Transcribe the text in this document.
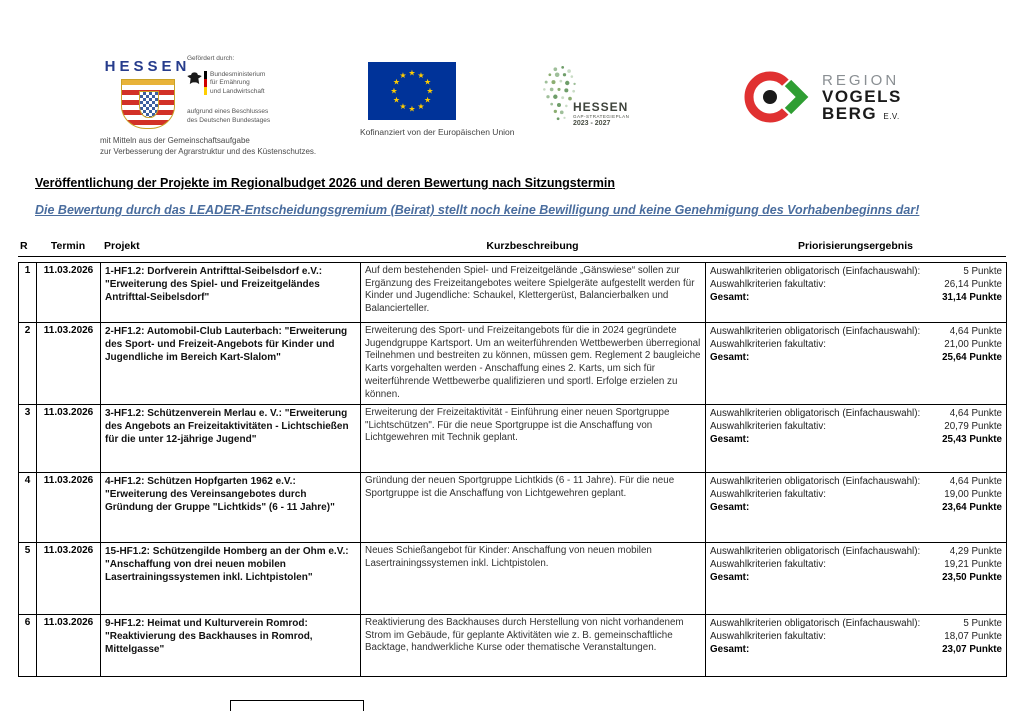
HESSEN
mit Mitteln aus der Gemeinschaftsaufgabe
zur Verbesserung der Agrarstruktur und des Küstenschutzes.
Gefördert durch:
Bundesministerium
für Ernährung
und Landwirtschaft
aufgrund eines Beschlusses
des Deutschen Bundestages
★ ★
★
★
★
★
★
★
★
★
★
★
Kofinanziert von der Europäischen Union
HESSEN
GAP-STRATEGIEPLAN
2023 - 2027
REGION
VOGELS
BERG E.V.
Veröffentlichung der Projekte im Regionalbudget 2026 und deren Bewertung nach Sitzungstermin
Die Bewertung durch das LEADER-Entscheidungsgremium (Beirat) stellt noch keine Bewilligung und keine Genehmigung des Vorhabenbeginns dar!
R	Termin	Projekt	Kurzbeschreibung	Priorisierungsergebnis
1	11.03.2026	1-HF1.2: Dorfverein Antrifttal-Seibelsdorf e.V.: "Erweiterung des Spiel- und Freizeitgeländes Antrifttal-Seibelsdorf"	Auf dem bestehenden Spiel- und Freizeitgelände „Gänswiese“ sollen zur Ergänzung des Freizeitangebotes weitere Spielgeräte aufgestellt werden für Kinder und Jugendliche: Schaukel, Klettergerüst, Balancierbalken und Balancierteller.	
Auswahlkriterien obligatorisch (Einfachauswahl):	5 Punkte
Auswahlkriterien fakultativ:	26,14 Punkte
Gesamt:	31,14 Punkte

2	11.03.2026	2-HF1.2: Automobil-Club Lauterbach: "Erweiterung des Sport- und Freizeit-Angebots für Kinder und Jugendliche im Bereich Kart-Slalom"	Erweiterung des Sport- und Freizeitangebots für die in 2024 gegründete Jugendgruppe Kartsport. Um an weiterführenden Wettbewerben überregional Teilnehmen und bestreiten zu können, müssen gem. Reglement 2 baugleiche Karts vorgehalten werden - Anschaffung eines 2. Karts, um sich für weiterführende Wettbewerbe qualifizieren und sportl. Erfolge erzielen zu können.	
Auswahlkriterien obligatorisch (Einfachauswahl):	4,64 Punkte
Auswahlkriterien fakultativ:	21,00 Punkte
Gesamt:	25,64 Punkte

3	11.03.2026	3-HF1.2: Schützenverein Merlau e. V.: "Erweiterung des Angebots an Freizeitaktivitäten - Lichtschießen für die unter 12-jährige Jugend"	Erweiterung der Freizeitaktivität - Einführung einer neuen Sportgruppe "Lichtschützen". Für die neue Sportgruppe ist die Anschaffung von Lichtgewehren mit Technik geplant.	
Auswahlkriterien obligatorisch (Einfachauswahl):	4,64 Punkte
Auswahlkriterien fakultativ:	20,79 Punkte
Gesamt:	25,43 Punkte

4	11.03.2026	4-HF1.2: Schützen Hopfgarten 1962 e.V.: "Erweiterung des Vereinsangebotes durch Gründung der Gruppe "Lichtkids" (6 - 11 Jahre)"	Gründung der neuen Sportgruppe Lichtkids (6 - 11 Jahre). Für die neue Sportgruppe ist die Anschaffung von Lichtgewehren geplant.	
Auswahlkriterien obligatorisch (Einfachauswahl):	4,64 Punkte
Auswahlkriterien fakultativ:	19,00 Punkte
Gesamt:	23,64 Punkte

5	11.03.2026	15-HF1.2: Schützengilde Homberg an der Ohm e.V.: "Anschaffung von drei neuen mobilen Lasertrainingssystemen inkl. Lichtpistolen"	Neues Schießangebot für Kinder: Anschaffung von neuen mobilen Lasertrainingssystemen inkl. Lichtpistolen.	
Auswahlkriterien obligatorisch (Einfachauswahl):	4,29 Punkte
Auswahlkriterien fakultativ:	19,21 Punkte
Gesamt:	23,50 Punkte

6	11.03.2026	9-HF1.2: Heimat und Kulturverein Romrod: "Reaktivierung des Backhauses in Romrod, Mittelgasse"	Reaktivierung des Backhauses durch Herstellung von nicht vorhandenem Strom im Gebäude, für geplante Aktivitäten wie z. B. gemeinschaftliche Backtage, handwerkliche Kurse oder thematische Veranstaltungen.	
Auswahlkriterien obligatorisch (Einfachauswahl):	5 Punkte
Auswahlkriterien fakultativ:	18,07 Punkte
Gesamt:	23,07 Punkte
